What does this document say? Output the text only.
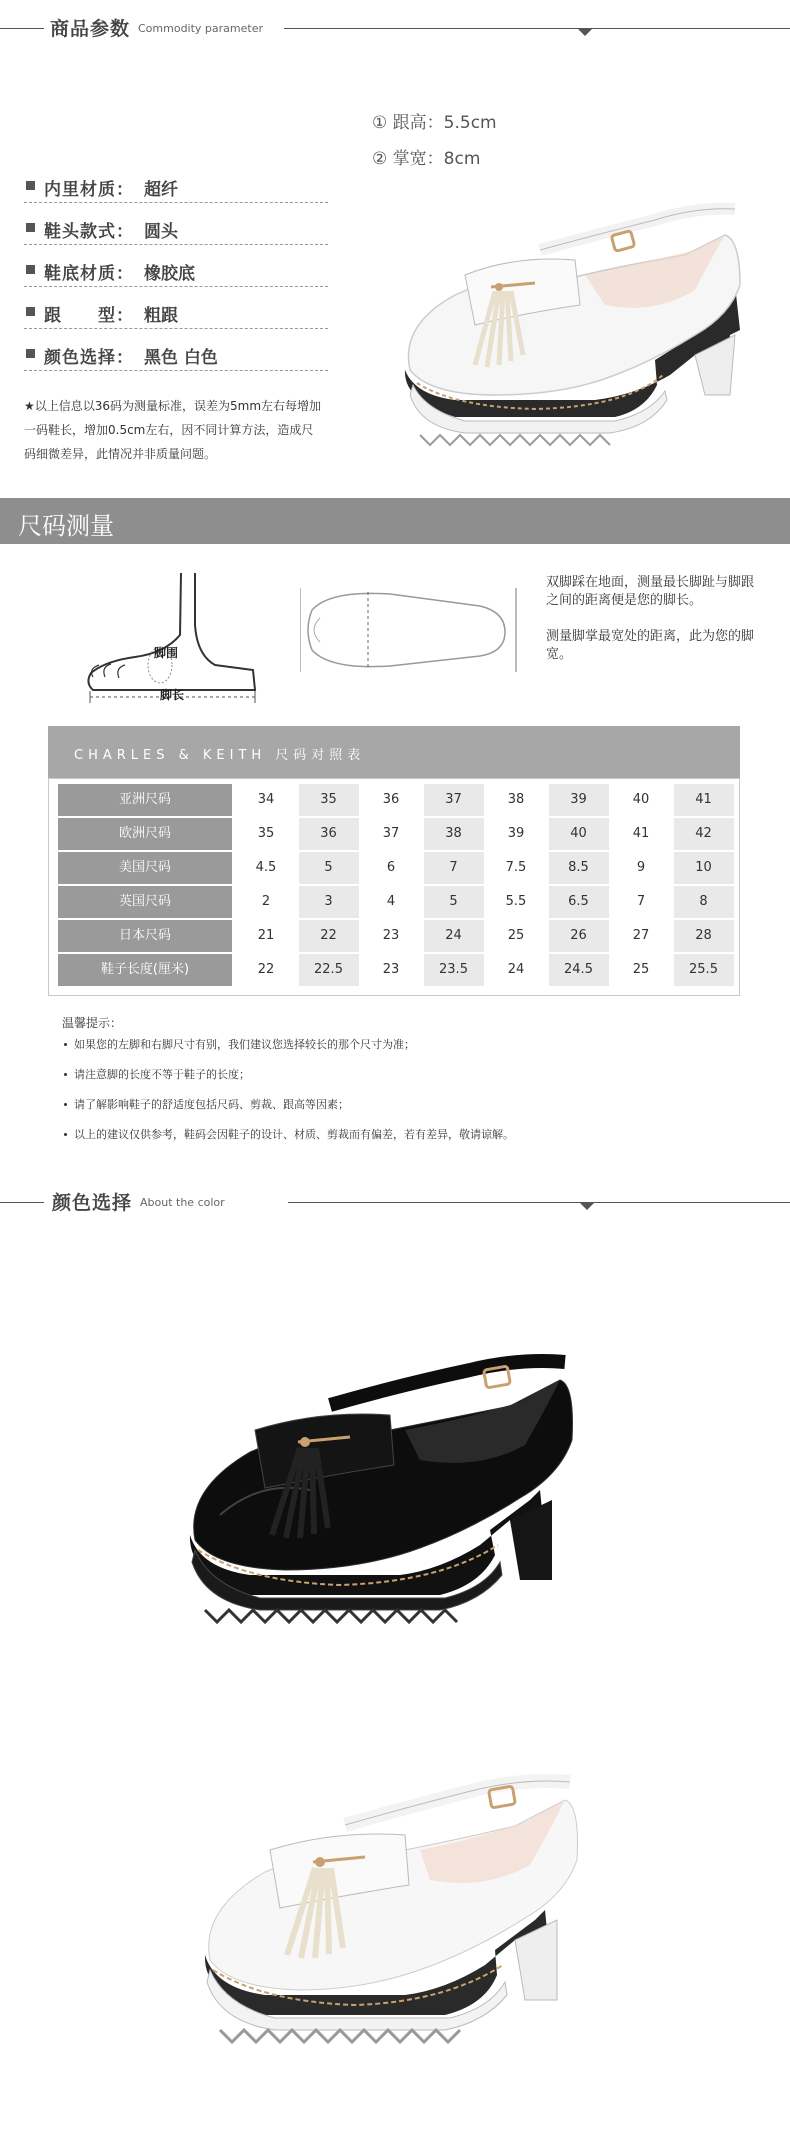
商品参数 Commodity parameter
① 跟高：5.5cm
② 掌宽：8cm
内里材质： 超纤
鞋头款式： 圆头
鞋底材质： 橡胶底
跟　　型： 粗跟
颜色选择： 黑色 白色
★以上信息以36码为测量标准，误差为5mm左右每增加
一码鞋长，增加0.5cm左右，因不同计算方法，造成尺
码细微差异，此情况并非质量问题。
尺码测量
脚围
脚长
双脚踩在地面，测量最长脚趾与脚跟之间的距离便是您的脚长。
测量脚掌最宽处的距离，此为您的脚宽。
CHARLES & KEITH 尺码对照表
亚洲尺码	34	35	36	37	38	39	40	41
欧洲尺码	35	36	37	38	39	40	41	42
美国尺码	4.5	5	6	7	7.5	8.5	9	10
英国尺码	2	3	4	5	5.5	6.5	7	8
日本尺码	21	22	23	24	25	26	27	28
鞋子长度(厘米)	22	22.5	23	23.5	24	24.5	25	25.5
温馨提示：
如果您的左脚和右脚尺寸有别，我们建议您选择较长的那个尺寸为准；
请注意脚的长度不等于鞋子的长度；
请了解影响鞋子的舒适度包括尺码、剪裁、跟高等因素；
以上的建议仅供参考，鞋码会因鞋子的设计、材质、剪裁而有偏差，若有差异，敬请谅解。
颜色选择 About the color
